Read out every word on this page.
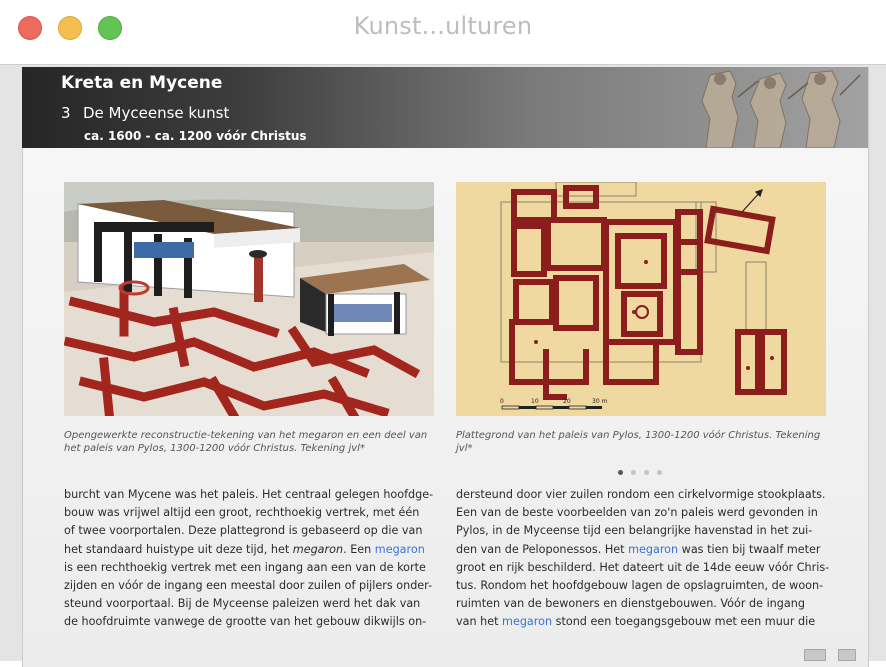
Kunst...ulturen
Kreta en Mycene
3 De Myceense kunst
ca. 1600 - ca. 1200 vóór Christus
0	10	20	30 m
Opengewerkte reconstructie-tekening van het megaron en een deel van het paleis van Pylos, 1300-1200 vóór Christus. Tekening jvl*
Plattegrond van het paleis van Pylos, 1300-1200 vóór Christus. Tekening jvl*
burcht van Mycene was het paleis. Het centraal gelegen hoofdge-
bouw was vrijwel altijd een groot, rechthoekig vertrek, met één
of twee voorportalen. Deze plattegrond is gebaseerd op die van
het standaard huistype uit deze tijd, het megaron. Een megaron
is een rechthoekig vertrek met een ingang aan een van de korte
zijden en vóór de ingang een meestal door zuilen of pijlers onder-
steund voorportaal. Bij de Myceense paleizen werd het dak van
de hoofdruimte vanwege de grootte van het gebouw dikwijls on-
dersteund door vier zuilen rondom een cirkelvormige stookplaats.
Een van de beste voorbeelden van zo'n paleis werd gevonden in
Pylos, in de Myceense tijd een belangrijke havenstad in het zui-
den van de Peloponessos. Het megaron was tien bij twaalf meter
groot en rijk beschilderd. Het dateert uit de 14de eeuw vóór Chris-
tus. Rondom het hoofdgebouw lagen de opslagruimten, de woon-
ruimten van de bewoners en dienstgebouwen. Vóór de ingang
van het megaron stond een toegangsgebouw met een muur die
